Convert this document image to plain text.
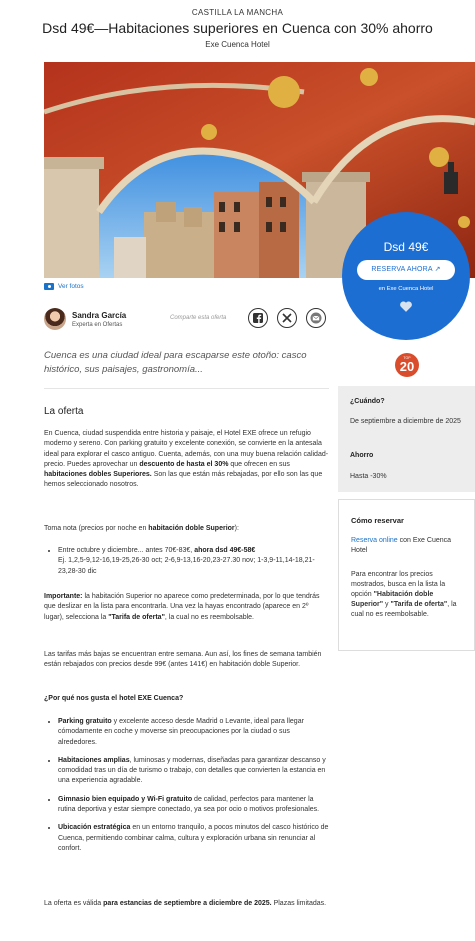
CASTILLA LA MANCHA
Dsd 49€—Habitaciones superiores en Cuenca con 30% ahorro
Exe Cuenca Hotel
Ver fotos
Dsd 49€
RESERVA AHORA ↗
en Exe Cuenca Hotel
Sandra García
Experta en Ofertas
Comparte esta oferta
Cuenca es una ciudad ideal para escaparse este otoño: casco histórico, sus paisajes, gastronomía...
TOP
20
La oferta
En Cuenca, ciudad suspendida entre historia y paisaje, el Hotel EXE ofrece un refugio moderno y sereno. Con parking gratuito y excelente conexión, se convierte en la antesala ideal para explorar el casco antiguo. Cuenta, además, con una muy buena relación calidad-precio. Puedes aprovechar un descuento de hasta el 30% que ofrecen en sus habitaciones dobles Superiores. Son las que están más rebajadas, por ello son las que hemos seleccionado nosotros.
Toma nota (precios por noche en habitación doble Superior):
• Entre octubre y diciembre... antes 70€-83€, ahora dsd 49€-58€
Ej. 1,2,5-9,12-16,19-25,26-30 oct; 2-6,9-13,16-20,23-27.30 nov; 1-3,9-11,14-18,21-23,28-30 dic
Importante: la habitación Superior no aparece como predeterminada, por lo que tendrás que deslizar en la lista para encontrarla. Una vez la hayas encontrado (aparece en 2º lugar), selecciona la "Tarifa de oferta", la cual no es reembolsable.
Las tarifas más bajas se encuentran entre semana. Aun así, los fines de semana también están rebajados con precios desde 99€ (antes 141€) en habitación doble Superior.
¿Por qué nos gusta el hotel EXE Cuenca?
• Parking gratuito y excelente acceso desde Madrid o Levante, ideal para llegar cómodamente en coche y moverse sin preocupaciones por la ciudad o sus alrededores.
• Habitaciones amplias, luminosas y modernas, diseñadas para garantizar descanso y comodidad tras un día de turismo o trabajo, con detalles que convierten la estancia en una experiencia agradable.
• Gimnasio bien equipado y Wi-Fi gratuito de calidad, perfectos para mantener la rutina deportiva y estar siempre conectado, ya sea por ocio o motivos profesionales.
• Ubicación estratégica en un entorno tranquilo, a pocos minutos del casco histórico de Cuenca, permitiendo combinar calma, cultura y exploración urbana sin renunciar al confort.
La oferta es válida para estancias de septiembre a diciembre de 2025. Plazas limitadas.
¿Cuándo?
De septiembre a diciembre de 2025
Ahorro
Hasta -30%
Cómo reservar
Reserva online con Exe Cuenca Hotel
Para encontrar los precios mostrados, busca en la lista la opción "Habitación doble Superior" y "Tarifa de oferta", la cual no es reembolsable.
